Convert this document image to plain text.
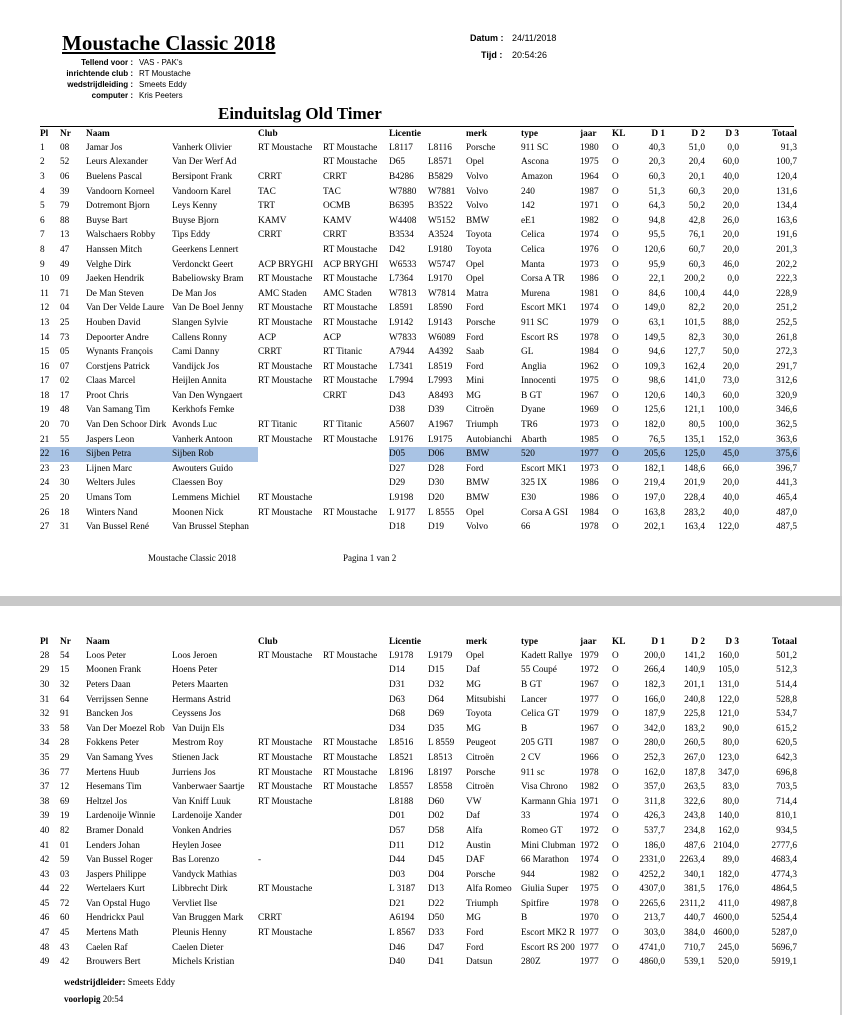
Moustache Classic 2018
Tellend voor : VAS - PAK's
inrichtende club : RT Moustache
wedstrijdleiding : Smeets Eddy
computer : Kris Peeters
Datum : 24/11/2018
Tijd : 20:54:26
Einduitslag Old Timer
Pl	Nr	Naam		Club		Licentie		merk	type	jaar	KL	D 1	D 2	D 3	Totaal
1	08	Jamar Jos	Vanherk Olivier	RT Moustache	RT Moustache	L8117	L8116	Porsche	911 SC	1980	O	40,3	51,0	0,0	91,3
2	52	Leurs Alexander	Van Der Werf Ad		RT Moustache	D65	L8571	Opel	Ascona	1975	O	20,3	20,4	60,0	100,7
3	06	Buelens Pascal	Bersipont Frank	CRRT	CRRT	B4286	B5829	Volvo	Amazon	1964	O	60,3	20,1	40,0	120,4
4	39	Vandoorn Korneel	Vandoorn Karel	TAC	TAC	W7880	W7881	Volvo	240	1987	O	51,3	60,3	20,0	131,6
5	79	Dotremont Bjorn	Leys Kenny	TRT	OCMB	B6395	B3522	Volvo	142	1971	O	64,3	50,2	20,0	134,4
6	88	Buyse Bart	Buyse Bjorn	KAMV	KAMV	W4408	W5152	BMW	eE1	1982	O	94,8	42,8	26,0	163,6
7	13	Walschaers Robby	Tips Eddy	CRRT	CRRT	B3534	A3524	Toyota	Celica	1974	O	95,5	76,1	20,0	191,6
8	47	Hanssen Mitch	Geerkens Lennert		RT Moustache	D42	L9180	Toyota	Celica	1976	O	120,6	60,7	20,0	201,3
9	49	Velghe Dirk	Verdonckt Geert	ACP BRYGHI	ACP BRYGHI	W6533	W5747	Opel	Manta	1973	O	95,9	60,3	46,0	202,2
10	09	Jaeken Hendrik	Babeliowsky Bram	RT Moustache	RT Moustache	L7364	L9170	Opel	Corsa A TR	1986	O	22,1	200,2	0,0	222,3
11	71	De Man Steven	De Man Jos	AMC Staden	AMC Staden	W7813	W7814	Matra	Murena	1981	O	84,6	100,4	44,0	228,9
12	04	Van Der Velde Laure	Van De Boel Jenny	RT Moustache	RT Moustache	L8591	L8590	Ford	Escort MK1	1974	O	149,0	82,2	20,0	251,2
13	25	Houben David	Slangen Sylvie	RT Moustache	RT Moustache	L9142	L9143	Porsche	911 SC	1979	O	63,1	101,5	88,0	252,5
14	73	Depoorter Andre	Callens Ronny	ACP	ACP	W7833	W6089	Ford	Escort RS	1978	O	149,5	82,3	30,0	261,8
15	05	Wynants François	Cami Danny	CRRT	RT Titanic	A7944	A4392	Saab	GL	1984	O	94,6	127,7	50,0	272,3
16	07	Corstjens Patrick	Vandijck Jos	RT Moustache	RT Moustache	L7341	L8519	Ford	Anglia	1962	O	109,3	162,4	20,0	291,7
17	02	Claas Marcel	Heijlen Annita	RT Moustache	RT Moustache	L7994	L7993	Mini	Innocenti	1975	O	98,6	141,0	73,0	312,6
18	17	Proot Chris	Van Den Wyngaert		CRRT	D43	A8493	MG	B GT	1967	O	120,6	140,3	60,0	320,9
19	48	Van Samang Tim	Kerkhofs Femke			D38	D39	Citroën	Dyane	1969	O	125,6	121,1	100,0	346,6
20	70	Van Den Schoor Dirk	Avonds Luc	RT Titanic	RT Titanic	A5607	A1967	Triumph	TR6	1973	O	182,0	80,5	100,0	362,5
21	55	Jaspers Leon	Vanherk Antoon	RT Moustache	RT Moustache	L9176	L9175	Autobianchi	Abarth	1985	O	76,5	135,1	152,0	363,6
22	16	Sijben Petra	Sijben Rob			D05	D06	BMW	520	1977	O	205,6	125,0	45,0	375,6
23	23	Lijnen Marc	Awouters Guido			D27	D28	Ford	Escort MK1	1973	O	182,1	148,6	66,0	396,7
24	30	Welters Jules	Claessen Boy			D29	D30	BMW	325 IX	1986	O	219,4	201,9	20,0	441,3
25	20	Umans Tom	Lemmens Michiel	RT Moustache		L9198	D20	BMW	E30	1986	O	197,0	228,4	40,0	465,4
26	18	Winters Nand	Moonen Nick	RT Moustache	RT Moustache	L 9177	L 8555	Opel	Corsa A GSI	1984	O	163,8	283,2	40,0	487,0
27	31	Van Bussel René	Van Brussel Stephan			D18	D19	Volvo	66	1978	O	202,1	163,4	122,0	487,5
Moustache Classic 2018	Pagina 1 van 2
Pl	Nr	Naam		Club		Licentie		merk	type	jaar	KL	D 1	D 2	D 3	Totaal
28	54	Loos Peter	Loos Jeroen	RT Moustache	RT Moustache	L9178	L9179	Opel	Kadett Rallye	1979	O	200,0	141,2	160,0	501,2
29	15	Moonen Frank	Hoens Peter			D14	D15	Daf	55 Coupé	1972	O	266,4	140,9	105,0	512,3
30	32	Peters Daan	Peters Maarten			D31	D32	MG	B GT	1967	O	182,3	201,1	131,0	514,4
31	64	Verrijssen Senne	Hermans Astrid			D63	D64	Mitsubishi	Lancer	1977	O	166,0	240,8	122,0	528,8
32	91	Bancken Jos	Ceyssens Jos			D68	D69	Toyota	Celica GT	1979	O	187,9	225,8	121,0	534,7
33	58	Van Der Moezel Rob	Van Duijn Els			D34	D35	MG	B	1967	O	342,0	183,2	90,0	615,2
34	28	Fokkens Peter	Mestrom Roy	RT Moustache	RT Moustache	L8516	L 8559	Peugeot	205 GTI	1987	O	280,0	260,5	80,0	620,5
35	29	Van Samang Yves	Stienen Jack	RT Moustache	RT Moustache	L8521	L8513	Citroën	2 CV	1966	O	252,3	267,0	123,0	642,3
36	77	Mertens Huub	Jurriens Jos	RT Moustache	RT Moustache	L8196	L8197	Porsche	911 sc	1978	O	162,0	187,8	347,0	696,8
37	12	Hesemans Tim	Vanberwaer Saartje	RT Moustache	RT Moustache	L8557	L8558	Citroën	Visa Chrono	1982	O	357,0	263,5	83,0	703,5
38	69	Heltzel Jos	Van Kniff Luuk	RT Moustache		L8188	D60	VW	Karmann Ghia	1971	O	311,8	322,6	80,0	714,4
39	19	Lardenoije Winnie	Lardenoije Xander			D01	D02	Daf	33	1974	O	426,3	243,8	140,0	810,1
40	82	Bramer Donald	Vonken Andries			D57	D58	Alfa	Romeo GT	1972	O	537,7	234,8	162,0	934,5
41	01	Lenders Johan	Heylen Josee			D11	D12	Austin	Mini Clubman	1972	O	186,0	487,6	2104,0	2777,6
42	59	Van Bussel Roger	Bas Lorenzo	-		D44	D45	DAF	66 Marathon	1974	O	2331,0	2263,4	89,0	4683,4
43	03	Jaspers Philippe	Vandyck Mathias			D03	D04	Porsche	944	1982	O	4252,2	340,1	182,0	4774,3
44	22	Wertelaers Kurt	Libbrecht Dirk	RT Moustache		L 3187	D13	Alfa Romeo	Giulia Super	1975	O	4307,0	381,5	176,0	4864,5
45	72	Van Opstal Hugo	Vervliet Ilse			D21	D22	Triumph	Spitfire	1978	O	2265,6	2311,2	411,0	4987,8
46	60	Hendrickx Paul	Van Bruggen Mark	CRRT		A6194	D50	MG	B	1970	O	213,7	440,7	4600,0	5254,4
47	45	Mertens Math	Pleunis Henny	RT Moustache		L 8567	D33	Ford	Escort MK2 R	1977	O	303,0	384,0	4600,0	5287,0
48	43	Caelen Raf	Caelen Dieter			D46	D47	Ford	Escort RS 200	1977	O	4741,0	710,7	245,0	5696,7
49	42	Brouwers Bert	Michels Kristian			D40	D41	Datsun	280Z	1977	O	4860,0	539,1	520,0	5919,1
wedstrijdleider: Smeets Eddy
voorlopig 20:54
